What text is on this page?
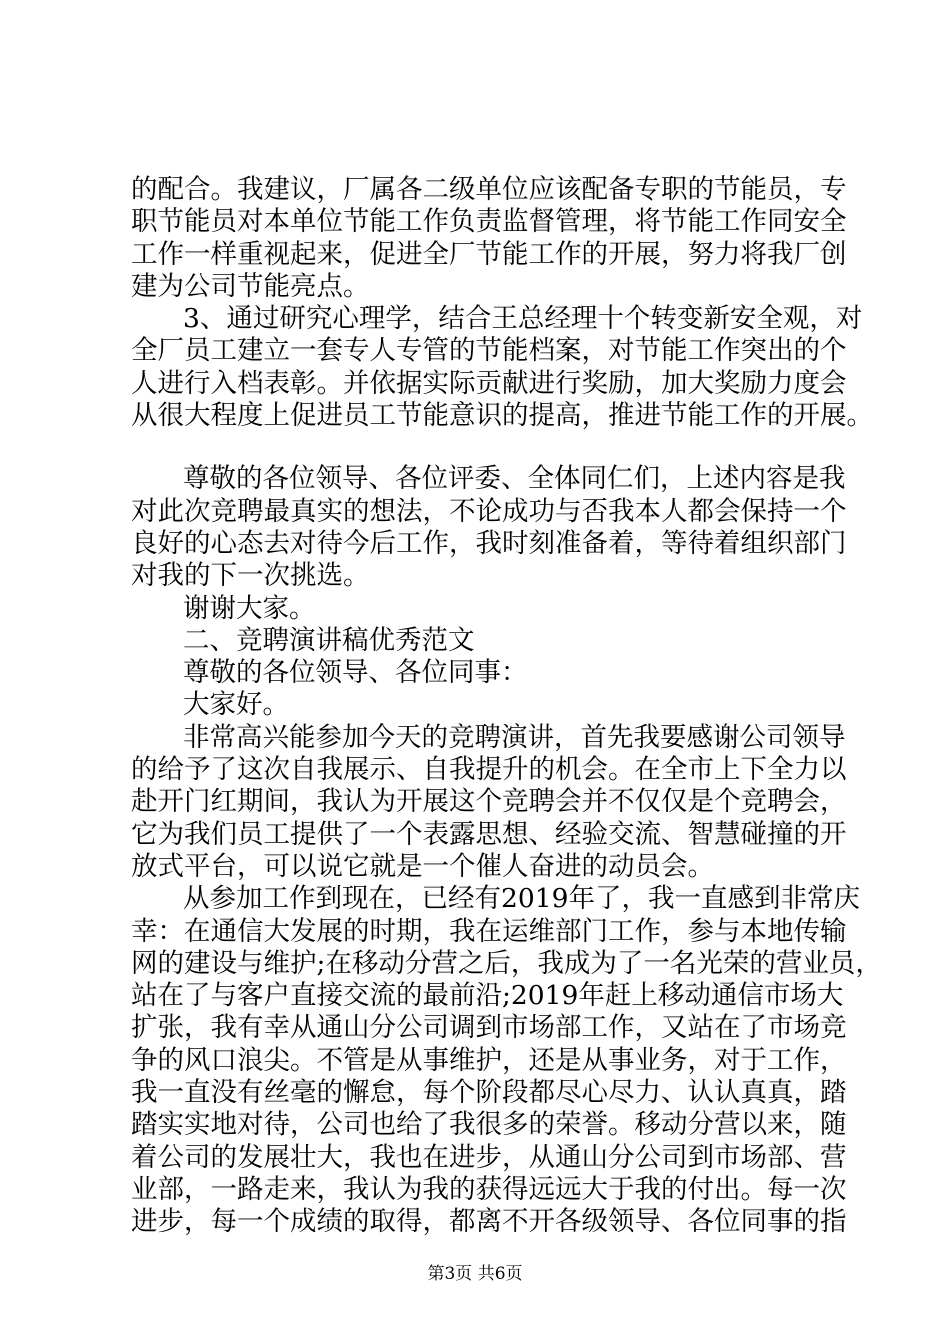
的配合。我建议，厂属各二级单位应该配备专职的节能员，专
职节能员对本单位节能工作负责监督管理，将节能工作同安全
工作一样重视起来，促进全厂节能工作的开展，努力将我厂创
建为公司节能亮点。
3、通过研究心理学，结合王总经理十个转变新安全观，对
全厂员工建立一套专人专管的节能档案，对节能工作突出的个
人进行入档表彰。并依据实际贡献进行奖励，加大奖励力度会
从很大程度上促进员工节能意识的提高，推进节能工作的开展。
尊敬的各位领导、各位评委、全体同仁们，上述内容是我
对此次竞聘最真实的想法，不论成功与否我本人都会保持一个
良好的心态去对待今后工作，我时刻准备着，等待着组织部门
对我的下一次挑选。
谢谢大家。
二、竞聘演讲稿优秀范文
尊敬的各位领导、各位同事：
大家好。
非常高兴能参加今天的竞聘演讲，首先我要感谢公司领导
的给予了这次自我展示、自我提升的机会。在全市上下全力以
赴开门红期间，我认为开展这个竞聘会并不仅仅是个竞聘会，
它为我们员工提供了一个表露思想、经验交流、智慧碰撞的开
放式平台，可以说它就是一个催人奋进的动员会。
从参加工作到现在，已经有2019年了，我一直感到非常庆
幸：在通信大发展的时期，我在运维部门工作，参与本地传输
网的建设与维护;在移动分营之后，我成为了一名光荣的营业员，
站在了与客户直接交流的最前沿;2019年赶上移动通信市场大
扩张，我有幸从通山分公司调到市场部工作，又站在了市场竞
争的风口浪尖。不管是从事维护，还是从事业务，对于工作，
我一直没有丝毫的懈怠，每个阶段都尽心尽力、认认真真，踏
踏实实地对待，公司也给了我很多的荣誉。移动分营以来，随
着公司的发展壮大，我也在进步，从通山分公司到市场部、营
业部，一路走来，我认为我的获得远远大于我的付出。每一次
进步，每一个成绩的取得，都离不开各级领导、各位同事的指
第3页 共6页
